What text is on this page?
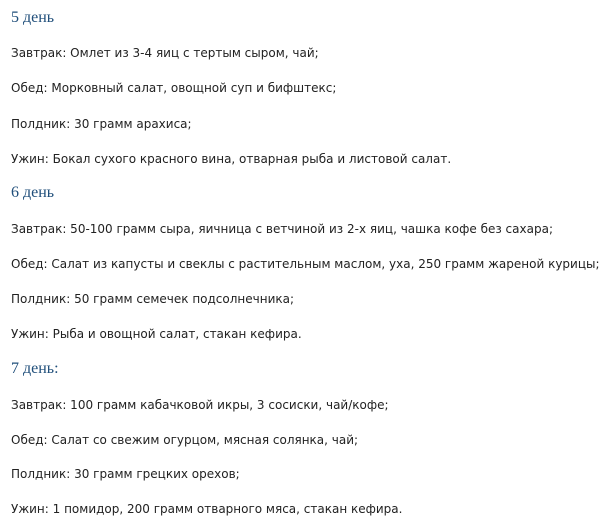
5 день

Завтрак: Омлет из 3-4 яиц с тертым сыром, чай;

Обед: Морковный салат, овощной суп и бифштекс;

Полдник: 30 грамм арахиса;

Ужин: Бокал сухого красного вина, отварная рыба и листовой салат.

6 день

Завтрак: 50-100 грамм сыра, яичница с ветчиной из 2-х яиц, чашка кофе без сахара;

Обед: Салат из капусты и свеклы с растительным маслом, уха, 250 грамм жареной курицы;

Полдник: 50 грамм семечек подсолнечника;

Ужин: Рыба и овощной салат, стакан кефира.

7 день:

Завтрак: 100 грамм кабачковой икры, 3 сосиски, чай/кофе;

Обед: Салат со свежим огурцом, мясная солянка, чай;

Полдник: 30 грамм грецких орехов;

Ужин: 1 помидор, 200 грамм отварного мяса, стакан кефира.
